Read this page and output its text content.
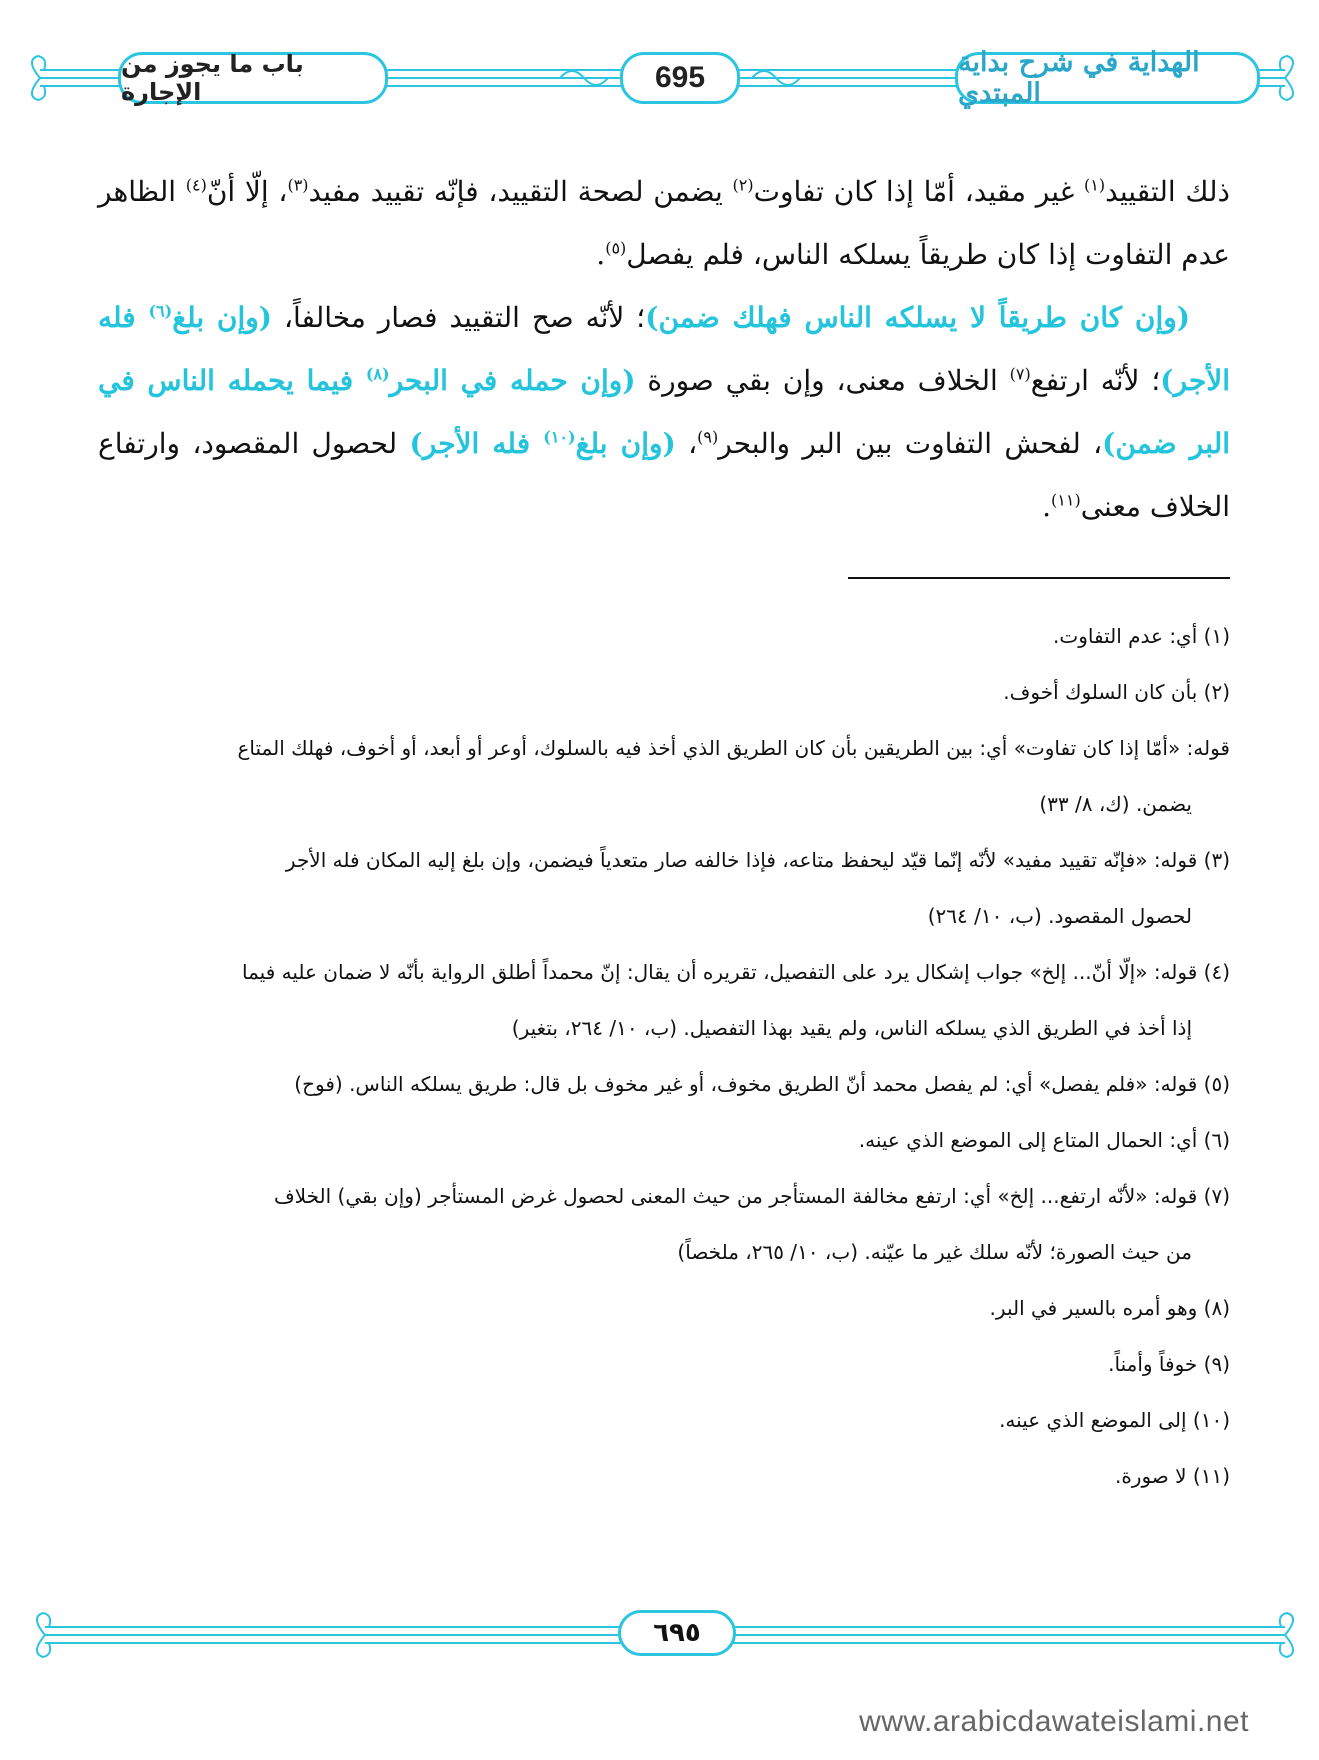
الهداية في شرح بداية المبتدي
695
باب ما يجوز من الإجارة

ذلك التقييد$^{(١)}$ غير مقيد، أمّا إذا كان تفاوت$^{(٢)}$ يضمن لصحة التقييد، فإنّه تقييد مفيد$^{(٣)}$، إلّا أنّ$^{(٤)}$ الظاهر عدم التفاوت إذا كان طريقاً يسلكه الناس، فلم يفصل$^{(٥)}$.

(وإن كان طريقاً لا يسلكه الناس فهلك ضمن)؛ لأنّه صح التقييد فصار مخالفاً، (وإن بلغ$^{(٦)}$ فله الأجر)؛ لأنّه ارتفع$^{(٧)}$ الخلاف معنى، وإن بقي صورة (وإن حمله في البحر$^{(٨)}$ فيما يحمله الناس في البر ضمن)، لفحش التفاوت بين البر والبحر$^{(٩)}$، (وإن بلغ$^{(١٠)}$ فله الأجر) لحصول المقصود، وارتفاع الخلاف معنى$^{(١١)}$.

(١) أي: عدم التفاوت.

(٢) بأن كان السلوك أخوف.

قوله: «أمّا إذا كان تفاوت» أي: بين الطريقين بأن كان الطريق الذي أخذ فيه بالسلوك، أوعر أو أبعد، أو أخوف، فهلك المتاع
يضمن. (ك، ٨/ ٣٣)

(٣) قوله: «فإنّه تقييد مفيد» لأنّه إنّما قيّد ليحفظ متاعه، فإذا خالفه صار متعدياً فيضمن، وإن بلغ إليه المكان فله الأجر
لحصول المقصود. (ب، ١٠/ ٢٦٤)

(٤) قوله: «إلّا أنّ... إلخ» جواب إشكال يرد على التفصيل، تقريره أن يقال: إنّ محمداً أطلق الرواية بأنّه لا ضمان عليه فيما
إذا أخذ في الطريق الذي يسلكه الناس، ولم يقيد بهذا التفصيل. (ب، ١٠/ ٢٦٤، بتغير)

(٥) قوله: «فلم يفصل» أي: لم يفصل محمد أنّ الطريق مخوف، أو غير مخوف بل قال: طريق يسلكه الناس. (فوح)

(٦) أي: الحمال المتاع إلى الموضع الذي عينه.

(٧) قوله: «لأنّه ارتفع... إلخ» أي: ارتفع مخالفة المستأجر من حيث المعنى لحصول غرض المستأجر (وإن بقي) الخلاف
من حيث الصورة؛ لأنّه سلك غير ما عيّنه. (ب، ١٠/ ٢٦٥، ملخصاً)

(٨) وهو أمره بالسير في البر.

(٩) خوفاً وأمناً.

(١٠) إلى الموضع الذي عينه.

(١١) لا صورة.

٦٩٥
www.arabicdawateislami.net
